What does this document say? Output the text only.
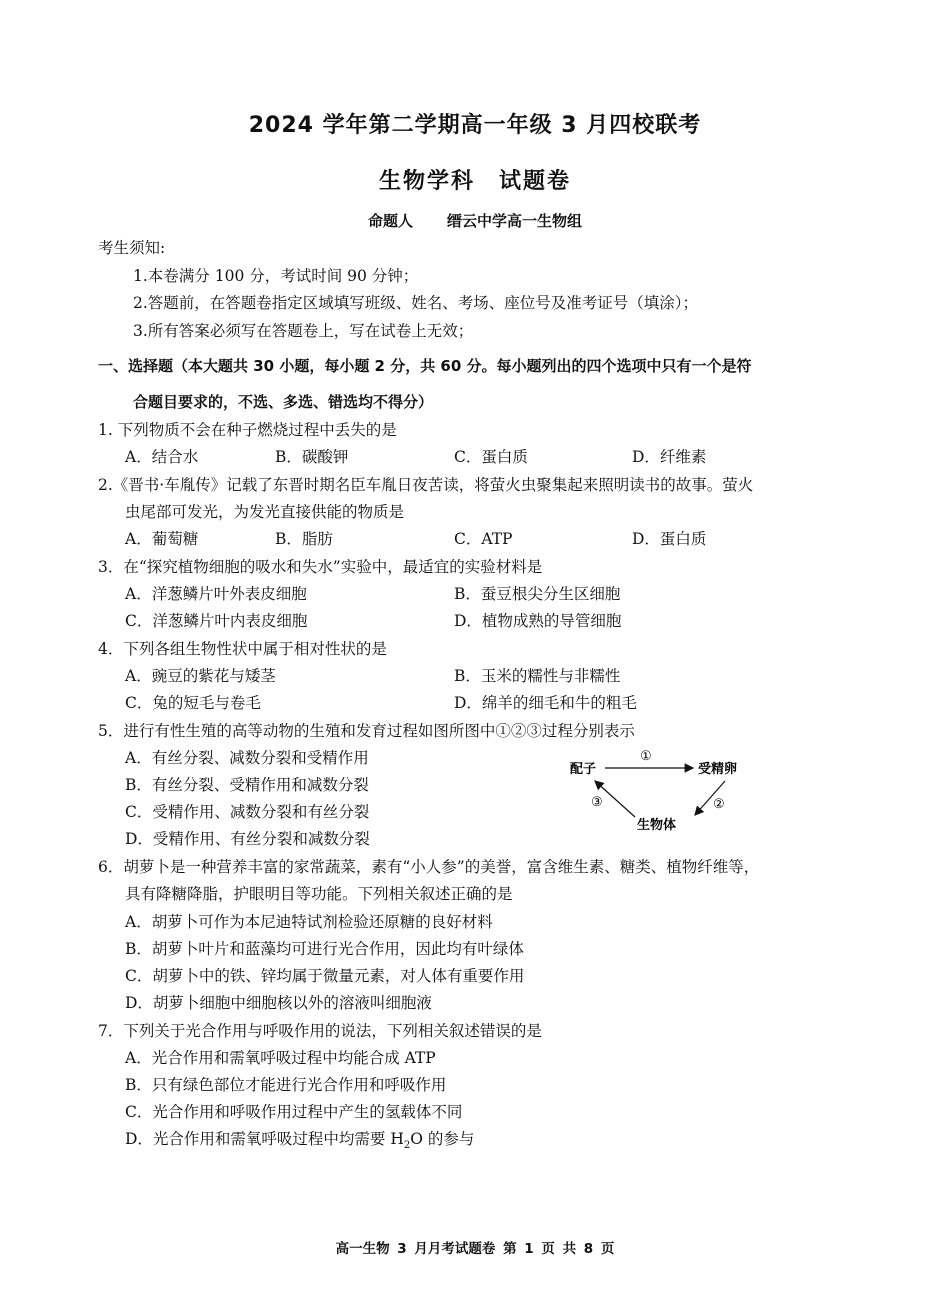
2024 学年第二学期高一年级 3 月四校联考
生物学科　试题卷
命题人 缙云中学高一生物组
考生须知:
1.本卷满分 100 分，考试时间 90 分钟；
2.答题前，在答题卷指定区域填写班级、姓名、考场、座位号及准考证号（填涂）；
3.所有答案必须写在答题卷上，写在试卷上无效；
一、选择题（本大题共 30 小题，每小题 2 分，共 60 分。每小题列出的四个选项中只有一个是符
合题目要求的，不选、多选、错选均不得分）
1. 下列物质不会在种子燃烧过程中丢失的是
A．结合水	B．碳酸钾	C．蛋白质	D．纤维素
2.《晋书·车胤传》记载了东晋时期名臣车胤日夜苦读，将萤火虫聚集起来照明读书的故事。萤火
虫尾部可发光，为发光直接供能的物质是
A．葡萄糖	B．脂肪	C．ATP	D．蛋白质
3．在“探究植物细胞的吸水和失水”实验中，最适宜的实验材料是
A．洋葱鳞片叶外表皮细胞	B．蚕豆根尖分生区细胞
C．洋葱鳞片叶内表皮细胞	D．植物成熟的导管细胞
4．下列各组生物性状中属于相对性状的是
A．豌豆的紫花与矮茎	B．玉米的糯性与非糯性
C．兔的短毛与卷毛	D．绵羊的细毛和牛的粗毛
5．进行有性生殖的高等动物的生殖和发育过程如图所图中①②③过程分别表示
A．有丝分裂、减数分裂和受精作用
B．有丝分裂、受精作用和减数分裂
C．受精作用、减数分裂和有丝分裂
D．受精作用、有丝分裂和减数分裂
配子	受精卵
生物体
①
②
③
6．胡萝卜是一种营养丰富的家常蔬菜，素有“小人参”的美誉，富含维生素、糖类、植物纤维等，
具有降糖降脂，护眼明目等功能。下列相关叙述正确的是
A．胡萝卜可作为本尼迪特试剂检验还原糖的良好材料
B．胡萝卜叶片和蓝藻均可进行光合作用，因此均有叶绿体
C．胡萝卜中的铁、锌均属于微量元素，对人体有重要作用
D．胡萝卜细胞中细胞核以外的溶液叫细胞液
7．下列关于光合作用与呼吸作用的说法，下列相关叙述错误的是
A．光合作用和需氧呼吸过程中均能合成 ATP
B．只有绿色部位才能进行光合作用和呼吸作用
C．光合作用和呼吸作用过程中产生的氢载体不同
D．光合作用和需氧呼吸过程中均需要 $H_2O$ 的参与
高一生物 3 月月考试题卷 第 1 页 共 8 页
